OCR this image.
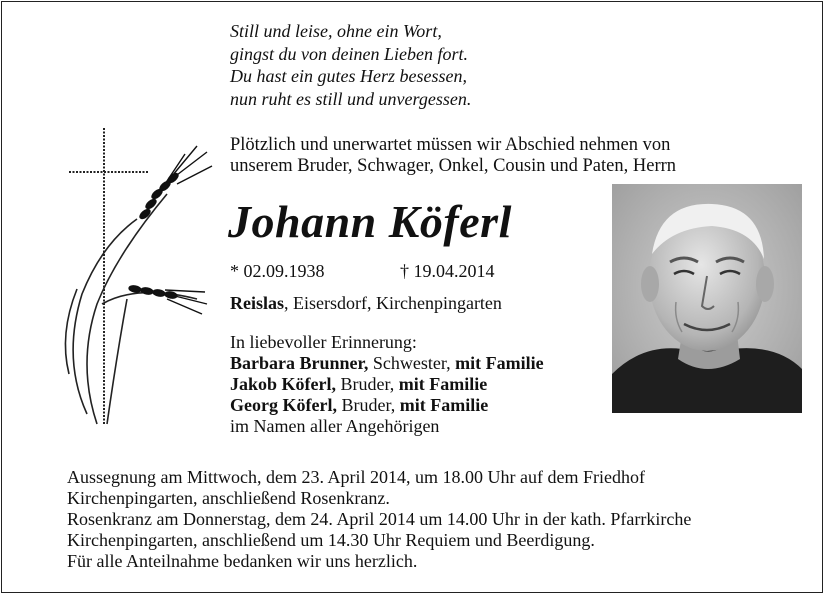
Still und leise, ohne ein Wort,
gingst du von deinen Lieben fort.
Du hast ein gutes Herz besessen,
nun ruht es still und unvergessen.
Plötzlich und unerwartet müssen wir Abschied nehmen von
unserem Bruder, Schwager, Onkel, Cousin und Paten, Herrn
Johann Köferl
* 02.09.1938	† 19.04.2014
Reislas, Eisersdorf, Kirchenpingarten
In liebevoller Erinnerung:
Barbara Brunner, Schwester, mit Familie
Jakob Köferl, Bruder, mit Familie
Georg Köferl, Bruder, mit Familie
im Namen aller Angehörigen
Aussegnung am Mittwoch, dem 23. April 2014, um 18.00 Uhr auf dem Friedhof
Kirchenpingarten, anschließend Rosenkranz.
Rosenkranz am Donnerstag, dem 24. April 2014 um 14.00 Uhr in der kath. Pfarrkirche
Kirchenpingarten, anschließend um 14.30 Uhr Requiem und Beerdigung.
Für alle Anteilnahme bedanken wir uns herzlich.
